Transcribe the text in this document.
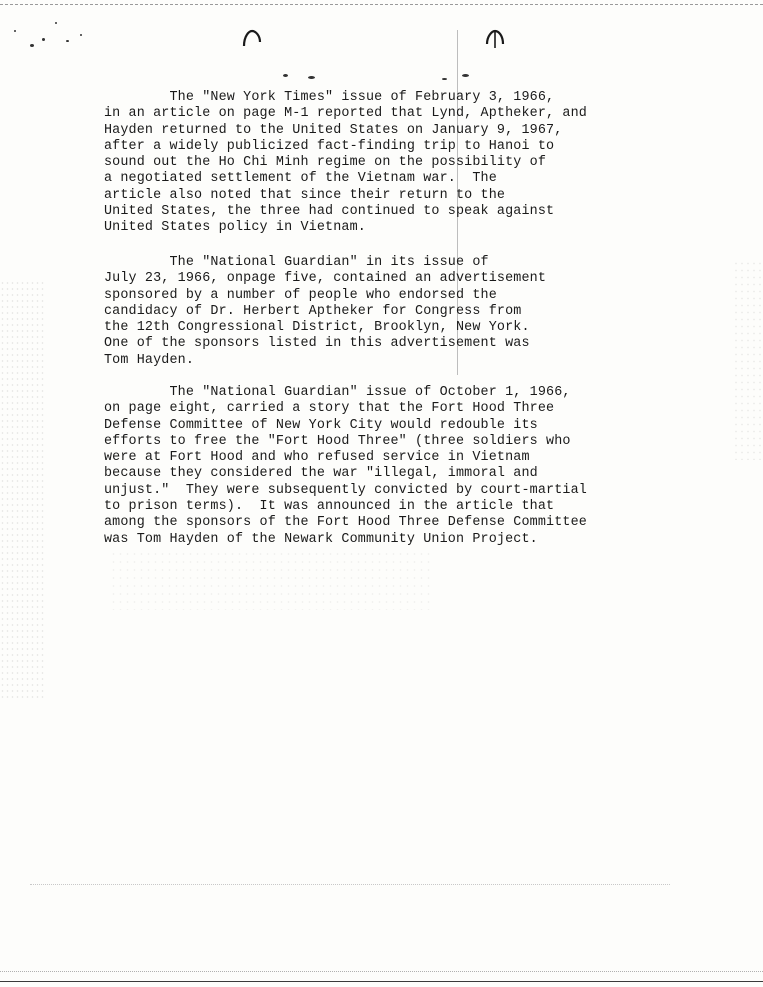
The "New York Times" issue of February 3, 1966,
in an article on page M-1 reported that Lynd, Aptheker, and
Hayden returned to the United States on January 9, 1967,
after a widely publicized fact-finding trip to Hanoi to
sound out the Ho Chi Minh regime on the possibility of
a negotiated settlement of the Vietnam war.  The
article also noted that since their return to the
United States, the three had continued to speak against
United States policy in Vietnam.
The "National Guardian" in its issue of
July 23, 1966, onpage five, contained an advertisement
sponsored by a number of people who endorsed the
candidacy of Dr. Herbert Aptheker for Congress from
the 12th Congressional District, Brooklyn, New York.
One of the sponsors listed in this advertisement was
Tom Hayden.
The "National Guardian" issue of October 1, 1966,
on page eight, carried a story that the Fort Hood Three
Defense Committee of New York City would redouble its
efforts to free the "Fort Hood Three" (three soldiers who
were at Fort Hood and who refused service in Vietnam
because they considered the war "illegal, immoral and
unjust."  They were subsequently convicted by court-martial
to prison terms).  It was announced in the article that
among the sponsors of the Fort Hood Three Defense Committee
was Tom Hayden of the Newark Community Union Project.
